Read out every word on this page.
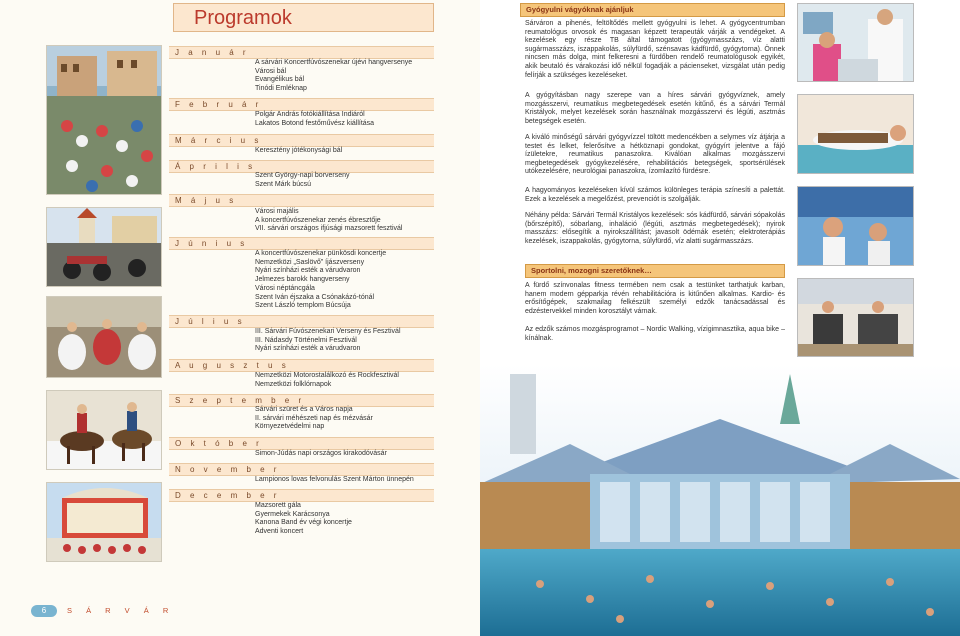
Programok
J a n u á r
A sárvári Koncertfúvószenekar újévi hangversenye
Városi bál
Evangélikus bál
Tinódi Emléknap
F e b r u á r
Polgár András fotókiállítása Indiáról
Lakatos Botond festőművész kiállítása
M á r c i u s
Keresztény jótékonysági bál
Á p r i l i s
Szent György-napi borverseny
Szent Márk búcsú
M á j u s
Városi majális
A koncertfúvószenekar zenés ébresztője
VII. sárvári országos ifjúsági mazsorett fesztivál
J ú n i u s
A koncertfúvószenekar pünkösdi koncertje
Nemzetközi „Saslövő" íjászverseny
Nyári színházi esték a várudvaron
Jelmezes barokk hangverseny
Városi néptáncgála
Szent Iván éjszaka a Csónakázó-tónál
Szent László templom Búcsúja
J ú l i u s
III. Sárvári Fúvószenekari Verseny és Fesztivál
III. Nádasdy Történelmi Fesztivál
Nyári színházi esték a várudvaron
A u g u s z t u s
Nemzetközi Motorostalálkozó és Rockfesztivál
Nemzetközi folklórnapok
S z e p t e m b e r
Sárvári szüret és a Város napja
II. sárvári méhészeti nap és mézvásár
Környezetvédelmi nap
O k t ó b e r
Simon-Júdás napi országos kirakodóvásár
N o v e m b e r
Lampionos lovas felvonulás Szent Márton ünnepén
D e c e m b e r
Mazsorett gála
Gyermekek Karácsonya
Kanona Band év végi koncertje
Adventi koncert
6	S Á R V Á R
Gyógyulni vágyóknak ajánljuk
Sárváron a pihenés, feltöltődés mellett gyógyulni is lehet. A gyógycentrumban reumatológus orvosok és magasan képzett terapeuták várják a vendégeket. A kezelések egy része TB által támogatott (gyógymasszázs, víz alatti sugármasszázs, iszappakolás, súlyfürdő, szénsavas kádfürdő, gyógytorna). Önnek nincsen más dolga, mint felkeresni a fürdőben rendelő reumatológusok egyikét, akik beutaló és várakozási idő nélkül fogadják a pácienseket, vizsgálat után pedig felírják a szükséges kezeléseket.
A gyógyításban nagy szerepe van a híres sárvári gyógyvíznek, amely mozgásszervi, reumatikus megbetegedések esetén kitűnő, és a sárvári Termál Kristályok, melyet kezelések során használnak mozgásszervi és légúti, asztmás betegségek esetén.
A kiváló minőségű sárvári gyógyvízzel töltött medencékben a selymes víz átjárja a testet és lelket, felerősítve a hétköznapi gondokat, gyógyírt jelentve a fájó ízületekre, reumatikus panaszokra. Kiválóan alkalmas mozgásszervi megbetegedések gyógykezelésére, rehabilitációs betegségek, sportsérülések utókezelésére, neurológiai panaszokra, ízomlazító fürdésre.
A hagyományos kezeléseken kívül számos különleges terápia színesíti a palettát. Ezek a kezelések a megelőzést, prevenciót is szolgálják.
Néhány példa: Sárvári Termál Kristályos kezelések: sós kádfürdő, sárvári sópakolás (bőrszépítő), sóbarlang, inhaláció (légúti, asztmás megbetegedések); nyirok masszázs: elősegítik a nyirokszállítást; javasolt ödémák esetén; elektroterápiás kezelések, iszappakolás, gyógytorna, súlyfürdő, víz alatti sugármasszázs.
Sportolni, mozogni szeretőknek…
A fürdő színvonalas fitness termében nem csak a testünket tarthatjuk karban, hanem modern gépparkja révén rehabilitációra is kitűnően alkalmas. Kardio- és erősítőgépek, szakmailag felkészült személyi edzők tanácsadással és edzéstervekkel minden korosztályt várnak.
Az edzők számos mozgásprogramot – Nordic Walking, vízigimnasztika, aqua bike – kínálnak.
